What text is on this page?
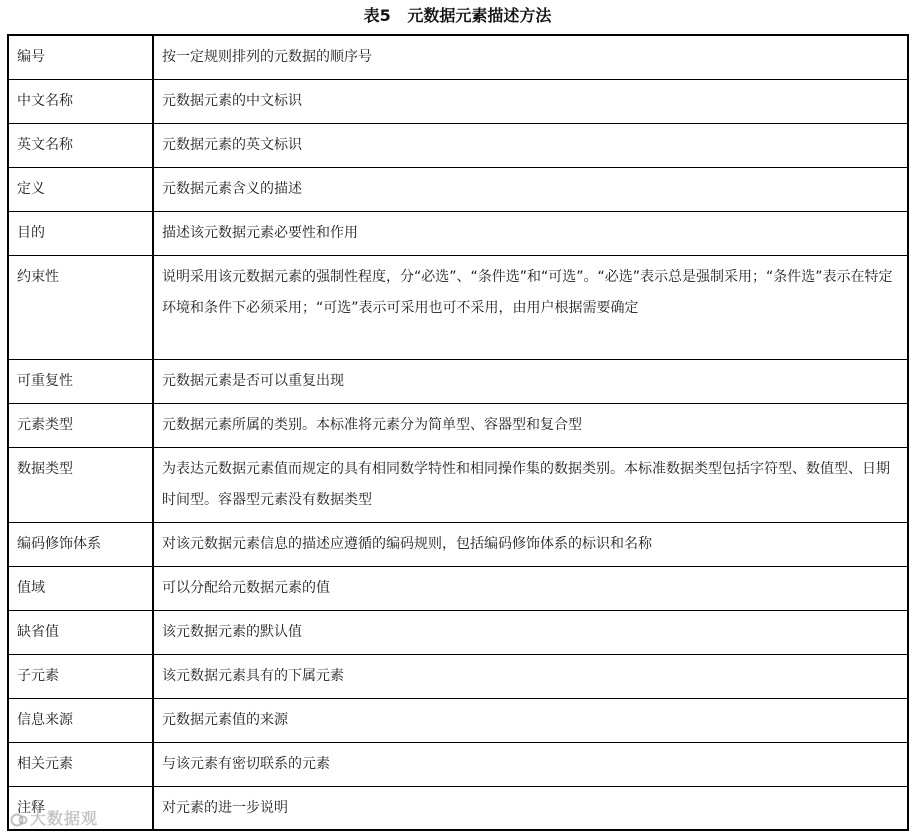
表5   元数据元素描述方法
编号	按一定规则排列的元数据的顺序号
中文名称	元数据元素的中文标识
英文名称	元数据元素的英文标识
定义	元数据元素含义的描述
目的	描述该元数据元素必要性和作用
约束性	说明采用该元数据元素的强制性程度，分“必选”、“条件选”和“可选”。“必选”表示总是强制采用；“条件选”表示在特定环境和条件下必须采用；“可选”表示可采用也可不采用，由用户根据需要确定
可重复性	元数据元素是否可以重复出现
元素类型	元数据元素所属的类别。本标准将元素分为简单型、容器型和复合型
数据类型	为表达元数据元素值而规定的具有相同数学特性和相同操作集的数据类别。本标准数据类型包括字符型、数值型、日期时间型。容器型元素没有数据类型
编码修饰体系	对该元数据元素信息的描述应遵循的编码规则，包括编码修饰体系的标识和名称
值域	可以分配给元数据元素的值
缺省值	该元数据元素的默认值
子元素	该元数据元素具有的下属元素
信息来源	元数据元素值的来源
相关元素	与该元素有密切联系的元素
注释	对元素的进一步说明
大数据观
